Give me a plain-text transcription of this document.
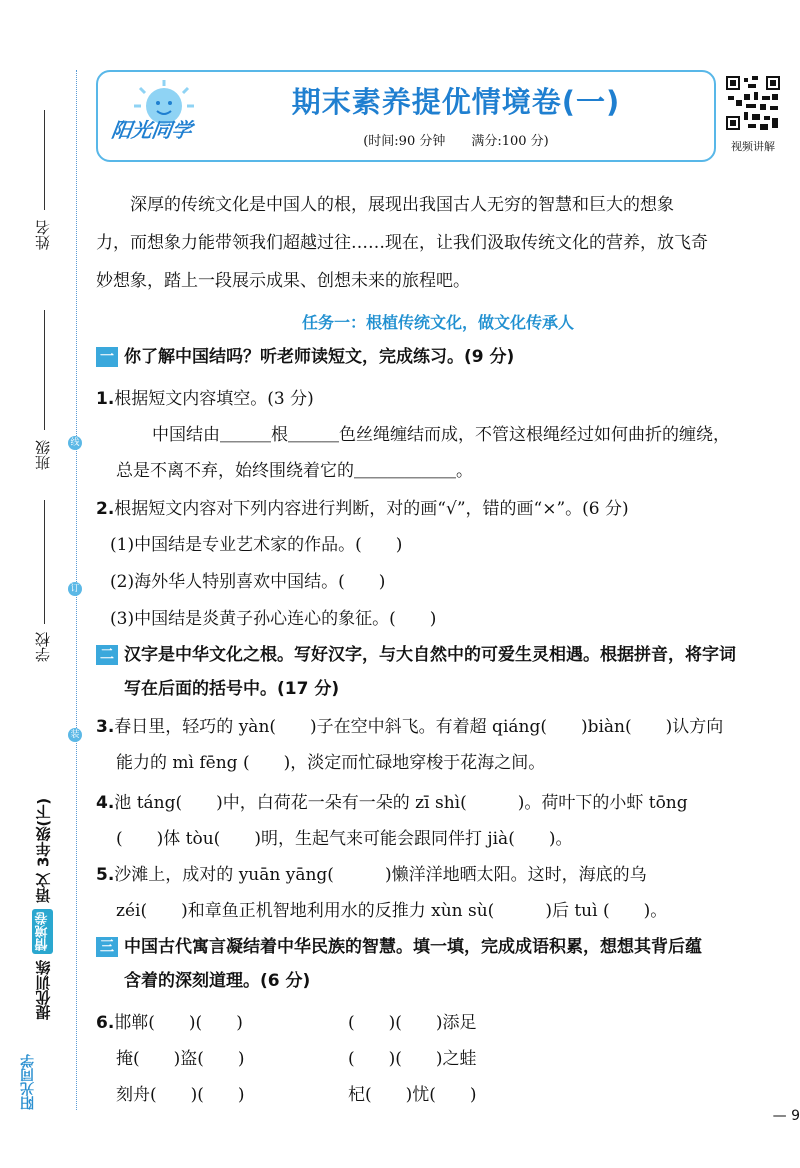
线
订
装
姓名
班级
学校
提优训练
情境卷
语文
3年级(下)
阳光同学
阳光同学
期末素养提优情境卷(一)
(时间:90 分钟　　满分:100 分)	视频讲解
　　深厚的传统文化是中国人的根，展现出我国古人无穷的智慧和巨大的想象
力，而想象力能带领我们超越过往……现在，让我们汲取传统文化的营养，放飞奇
妙想象，踏上一段展示成果、创想未来的旅程吧。
任务一：根植传统文化，做文化传承人
一 你了解中国结吗？听老师读短文，完成练习。(9 分)
1.根据短文内容填空。(3 分)
中国结由＿＿＿根＿＿＿色丝绳缠结而成，不管这根绳经过如何曲折的缠绕，
总是不离不弃，始终围绕着它的＿＿＿＿＿＿。
2.根据短文内容对下列内容进行判断，对的画“√”，错的画“×”。(6 分)
(1)中国结是专业艺术家的作品。(　　)
(2)海外华人特别喜欢中国结。(　　)
(3)中国结是炎黄子孙心连心的象征。(　　)
二 汉字是中华文化之根。写好汉字，与大自然中的可爱生灵相遇。根据拼音，将字词
写在后面的括号中。(17 分)
3.春日里，轻巧的 yàn(　　)子在空中斜飞。有着超 qiáng(　　)biàn(　　)认方向
能力的 mì fēng (　　)，淡定而忙碌地穿梭于花海之间。
4.池 táng(　　)中，白荷花一朵有一朵的 zī shì(　　　)。荷叶下的小虾 tōng
(　　)体 tòu(　　)明，生起气来可能会跟同伴打 jià(　　)。
5.沙滩上，成对的 yuān yāng(　　　)懒洋洋地晒太阳。这时，海底的乌
zéi(　　)和章鱼正机智地利用水的反推力 xùn sù(　　　)后 tuì (　　)。
三 中国古代寓言凝结着中华民族的智慧。填一填，完成成语积累，想想其背后蕴
含着的深刻道理。(6 分)
6.邯郸(　　)(　　)	(　　)(　　)添足
掩(　　)盗(　　)	(　　)(　　)之蛙
刻舟(　　)(　　)	杞(　　)忧(　　)
— 9
